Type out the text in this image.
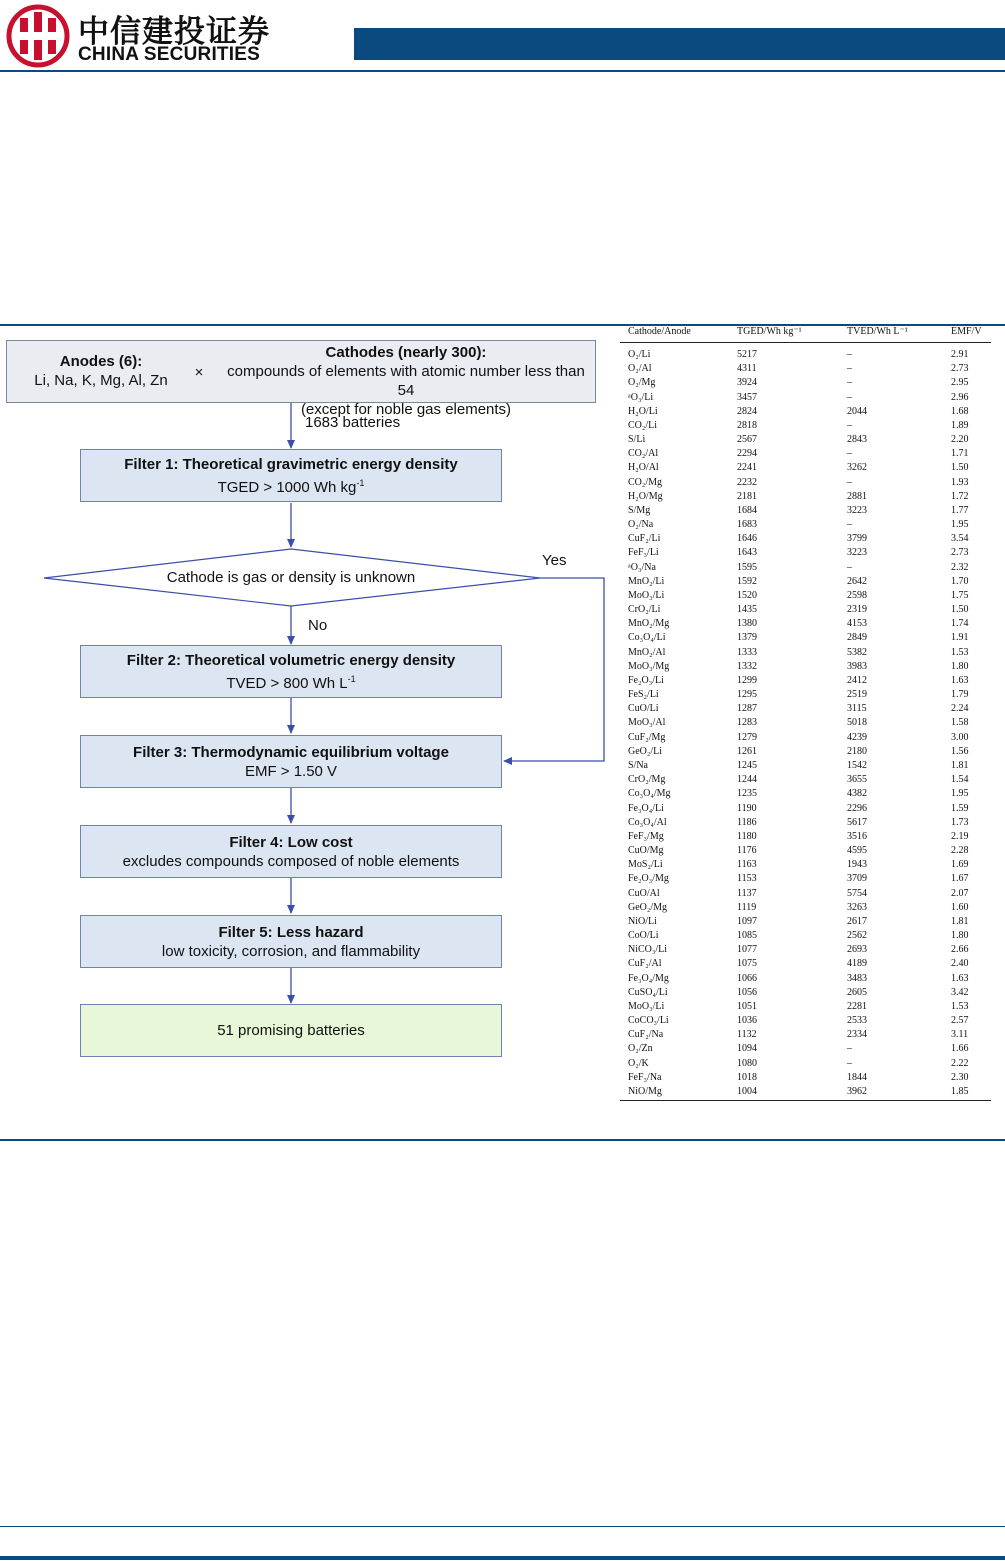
中信建投证券
CHINA SECURITIES
Anodes (6):
Li, Na, K, Mg, Al, Zn	×
Cathodes (nearly 300):
compounds of elements with atomic number less than 54
(except for noble gas elements)
1683 batteries
Filter 1: Theoretical gravimetric energy density
TGED > 1000 Wh $kg^{-1}$
Cathode is gas or density is unknown
Yes
No
Filter 2: Theoretical volumetric energy density
TVED > 800 Wh $L^{-1}$
Filter 3: Thermodynamic equilibrium voltage
EMF > 1.50 V
Filter 4: Low cost
excludes compounds composed of noble elements
Filter 5: Less hazard
low toxicity, corrosion, and flammability
51 promising batteries
Cathode/Anode	TGED/Wh kg⁻¹	TVED/Wh L⁻¹	EMF/V
O₂/Li	5217	–	2.91
O₂/Al	4311	–	2.73
O₂/Mg	3924	–	2.95
ᵃO₃/Li	3457	–	2.96
H₂O/Li	2824	2044	1.68
CO₂/Li	2818	–	1.89
S/Li	2567	2843	2.20
CO₂/Al	2294	–	1.71
H₂O/Al	2241	3262	1.50
CO₂/Mg	2232	–	1.93
H₂O/Mg	2181	2881	1.72
S/Mg	1684	3223	1.77
O₂/Na	1683	–	1.95
CuF₂/Li	1646	3799	3.54
FeF₃/Li	1643	3223	2.73
ᵃO₃/Na	1595	–	2.32
MnO₂/Li	1592	2642	1.70
MoO₃/Li	1520	2598	1.75
CrO₂/Li	1435	2319	1.50
MnO₂/Mg	1380	4153	1.74
Co₃O₄/Li	1379	2849	1.91
MnO₂/Al	1333	5382	1.53
MoO₃/Mg	1332	3983	1.80
Fe₂O₃/Li	1299	2412	1.63
FeS₂/Li	1295	2519	1.79
CuO/Li	1287	3115	2.24
MoO₃/Al	1283	5018	1.58
CuF₂/Mg	1279	4239	3.00
GeO₂/Li	1261	2180	1.56
S/Na	1245	1542	1.81
CrO₂/Mg	1244	3655	1.54
Co₃O₄/Mg	1235	4382	1.95
Fe₃O₄/Li	1190	2296	1.59
Co₃O₄/Al	1186	5617	1.73
FeF₃/Mg	1180	3516	2.19
CuO/Mg	1176	4595	2.28
MoS₂/Li	1163	1943	1.69
Fe₂O₃/Mg	1153	3709	1.67
CuO/Al	1137	5754	2.07
GeO₂/Mg	1119	3263	1.60
NiO/Li	1097	2617	1.81
CoO/Li	1085	2562	1.80
NiCO₃/Li	1077	2693	2.66
CuF₂/Al	1075	4189	2.40
Fe₃O₄/Mg	1066	3483	1.63
CuSO₄/Li	1056	2605	3.42
MoO₃/Li	1051	2281	1.53
CoCO₃/Li	1036	2533	2.57
CuF₂/Na	1132	2334	3.11
O₂/Zn	1094	–	1.66
O₂/K	1080	–	2.22
FeF₃/Na	1018	1844	2.30
NiO/Mg	1004	3962	1.85
